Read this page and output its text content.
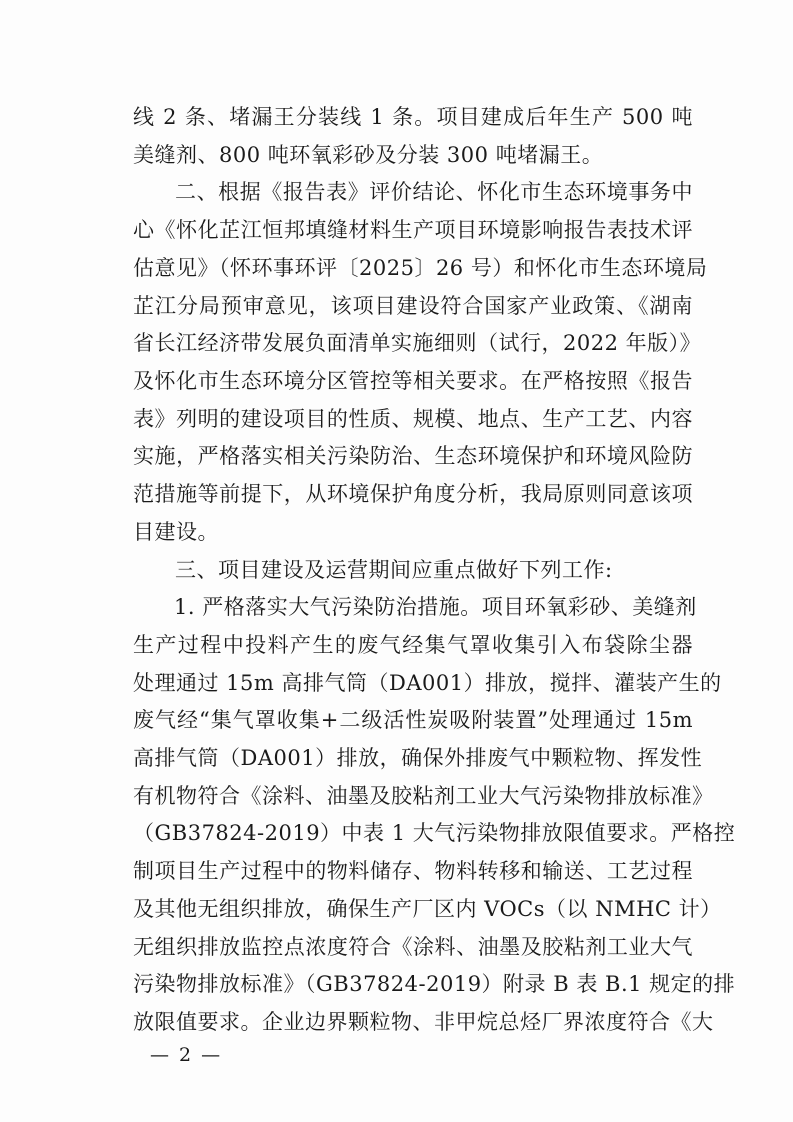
线 2 条、堵漏王分装线 1 条。项目建成后年生产 500 吨
美缝剂、800 吨环氧彩砂及分装 300 吨堵漏王。
二、根据《报告表》评价结论、怀化市生态环境事务中
心《怀化芷江恒邦填缝材料生产项目环境影响报告表技术评
估意见》（怀环事环评〔2025〕26 号）和怀化市生态环境局
芷江分局预审意见，该项目建设符合国家产业政策、《湖南
省长江经济带发展负面清单实施细则（试行，2022 年版）》
及怀化市生态环境分区管控等相关要求。在严格按照《报告
表》列明的建设项目的性质、规模、地点、生产工艺、内容
实施，严格落实相关污染防治、生态环境保护和环境风险防
范措施等前提下，从环境保护角度分析，我局原则同意该项
目建设。
三、项目建设及运营期间应重点做好下列工作:
1. 严格落实大气污染防治措施。项目环氧彩砂、美缝剂
生产过程中投料产生的废气经集气罩收集引入布袋除尘器
处理通过 15m 高排气筒（DA001）排放，搅拌、灌装产生的
废气经“集气罩收集+二级活性炭吸附装置”处理通过 15m
高排气筒（DA001）排放，确保外排废气中颗粒物、挥发性
有机物符合《涂料、油墨及胶粘剂工业大气污染物排放标准》
（GB37824-2019）中表 1 大气污染物排放限值要求。严格控
制项目生产过程中的物料储存、物料转移和输送、工艺过程
及其他无组织排放，确保生产厂区内 VOCs（以 NMHC 计）
无组织排放监控点浓度符合《涂料、油墨及胶粘剂工业大气
污染物排放标准》（GB37824-2019）附录 B 表 B.1 规定的排
放限值要求。企业边界颗粒物、非甲烷总烃厂界浓度符合《大
— 2 —
